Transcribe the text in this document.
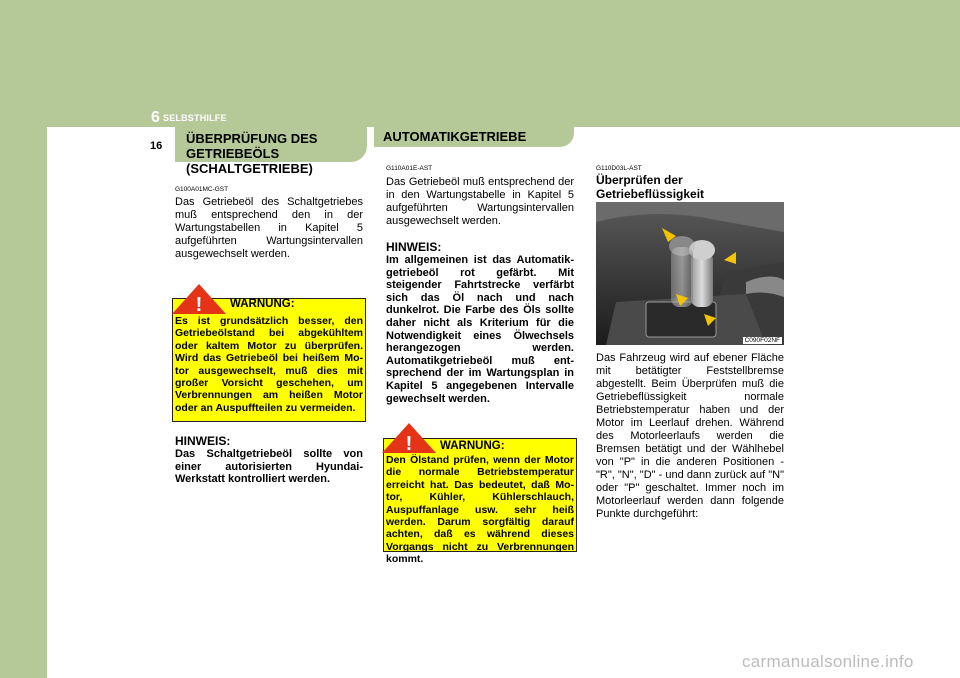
6 SELBSTHILFE
16 ÜBERPRÜFUNG DES GETRIEBEÖLS (SCHALTGETRIEBE)
G100A01MC-GST
Das Getriebeöl des Schaltgetriebes muß entsprechend den in der Wartungstabellen in Kapitel 5 aufgeführten Wartungsintervallen ausgewechselt werden.
! WARNUNG:
Es ist grundsätzlich besser, den Getriebeölstand bei abgekühltem oder kaltem Motor zu überprüfen. Wird das Getriebeöl bei heißem Mo-tor ausgewechselt, muß dies mit großer Vorsicht geschehen, um Verbrennungen am heißen Motor oder an Auspuffteilen zu vermeiden.
HINWEIS:
Das Schaltgetriebeöl sollte von einer autorisierten Hyundai-Werkstatt kontrolliert werden.
AUTOMATIKGETRIEBE
G110A01E-AST
Das Getriebeöl muß entsprechend der in den Wartungstabelle in Kapitel 5 aufgeführten Wartungsintervallen ausgewechselt werden.
HINWEIS:
Im allgemeinen ist das Automatik-getriebeöl rot gefärbt. Mit steigender Fahrtstrecke verfärbt sich das Öl nach und nach dunkelrot. Die Farbe des Öls sollte daher nicht als Kriterium für die Notwendigkeit eines Ölwechsels herangezogen werden. Automatikgetriebeöl muß ent-sprechend der im Wartungsplan in Kapitel 5 angegebenen Intervalle gewechselt werden.
! WARNUNG:
Den Ölstand prüfen, wenn der Motor die normale Betriebstemperatur erreicht hat. Das bedeutet, daß Mo-tor, Kühler, Kühlerschlauch, Auspuffanlage usw. sehr heiß werden. Darum sorgfältig darauf achten, daß es während dieses Vorgangs nicht zu Verbrennungen kommt.
G110D03L-AST
Überprüfen der Getriebeflüssigkeit
C090F02NF
Das Fahrzeug wird auf ebener Fläche mit betätigter Feststellbremse abgestellt. Beim Überprüfen muß die Getriebeflüssigkeit normale Betriebstemperatur haben und der Motor im Leerlauf drehen. Während des Motorleerlaufs werden die Bremsen betätigt und der Wählhebel von "P" in die anderen Positionen - "R", "N", "D" - und dann zurück auf "N" oder "P" geschaltet. Immer noch im Motorleerlauf werden dann folgende Punkte durchgeführt:
carmanualsonline.info
